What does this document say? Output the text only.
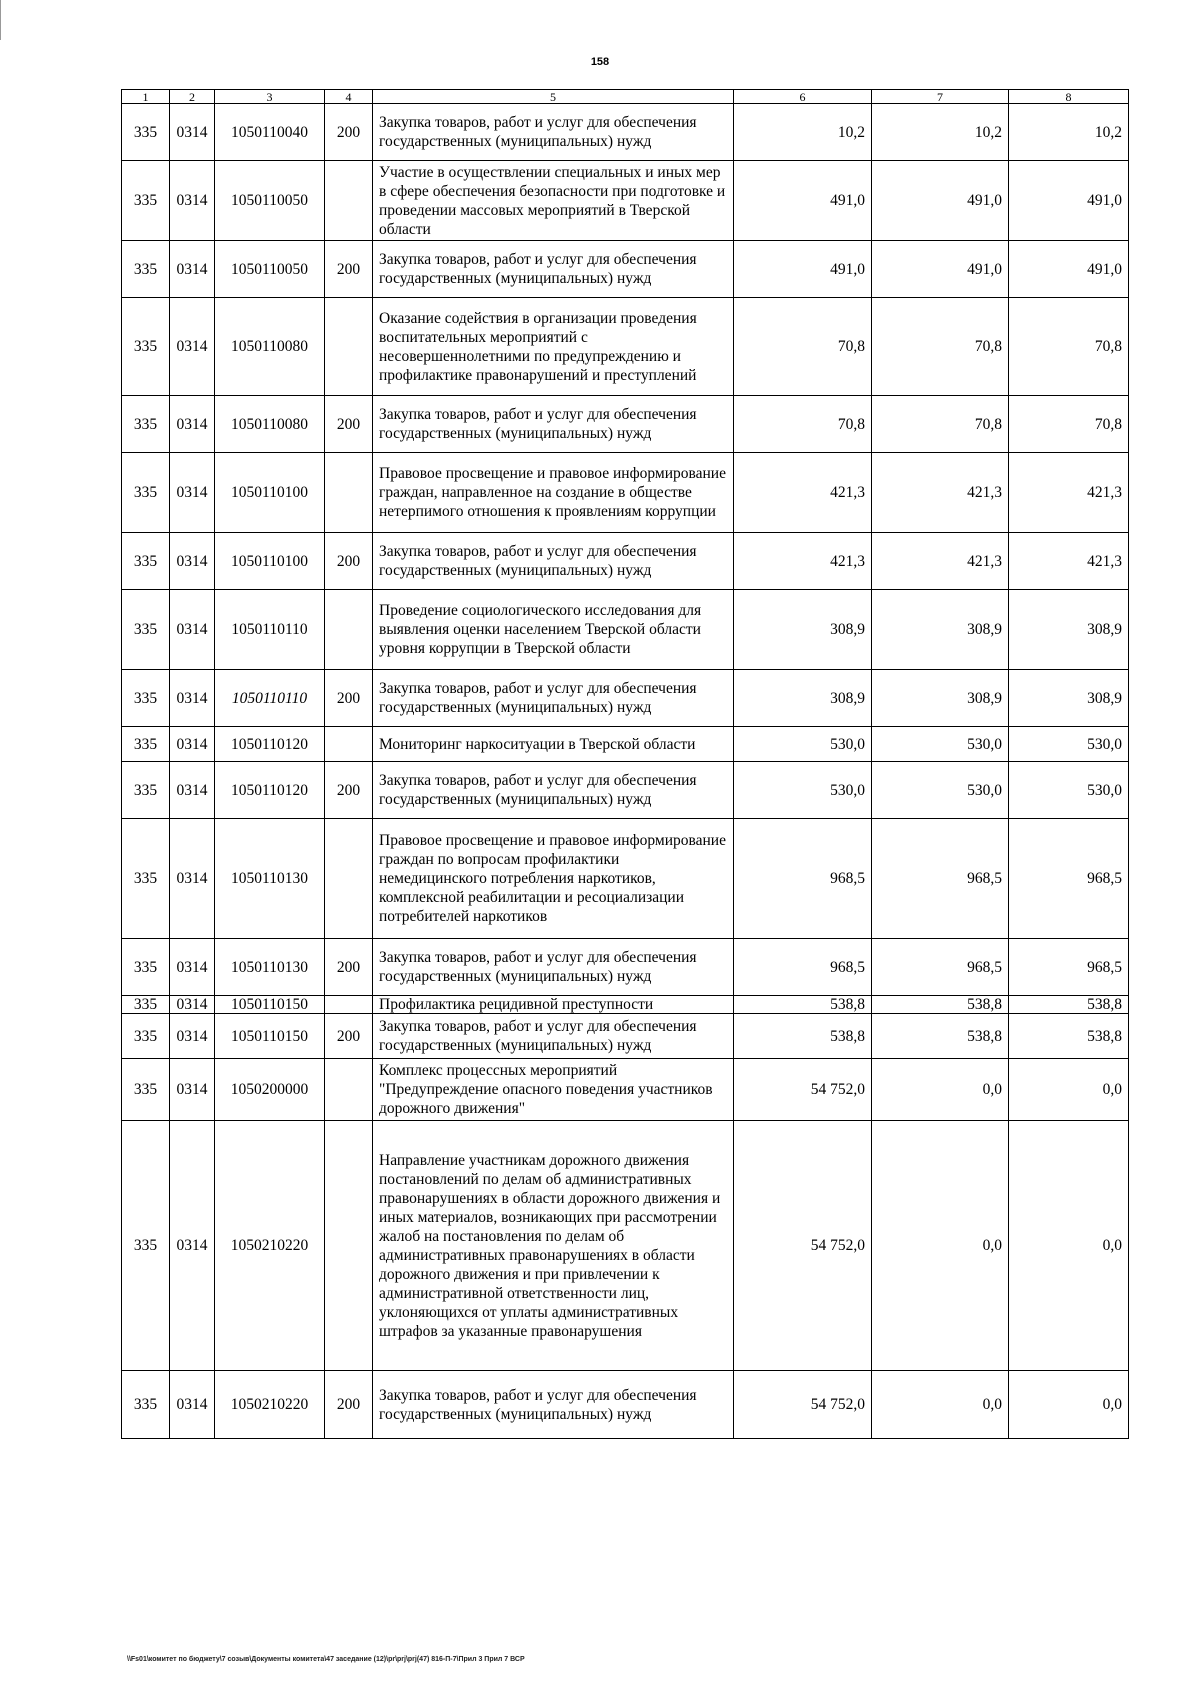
158
1	2	3	4	5	6	7	8
335	0314	1050110040	200	Закупка товаров, работ и услуг для обеспечения государственных (муниципальных) нужд	10,2	10,2	10,2
335	0314	1050110050		Участие в осуществлении специальных и иных мер в сфере обеспечения безопасности при подготовке и проведении массовых мероприятий в Тверской области	491,0	491,0	491,0
335	0314	1050110050	200	Закупка товаров, работ и услуг для обеспечения государственных (муниципальных) нужд	491,0	491,0	491,0
335	0314	1050110080		Оказание содействия в организации проведения воспитательных мероприятий с несовершеннолетними по предупреждению и профилактике правонарушений и преступлений	70,8	70,8	70,8
335	0314	1050110080	200	Закупка товаров, работ и услуг для обеспечения государственных (муниципальных) нужд	70,8	70,8	70,8
335	0314	1050110100		Правовое просвещение и правовое информирование граждан, направленное на создание в обществе нетерпимого отношения к проявлениям коррупции	421,3	421,3	421,3
335	0314	1050110100	200	Закупка товаров, работ и услуг для обеспечения государственных (муниципальных) нужд	421,3	421,3	421,3
335	0314	1050110110		Проведение социологического исследования для выявления оценки населением Тверской области уровня коррупции в Тверской области	308,9	308,9	308,9
335	0314	1050110110	200	Закупка товаров, работ и услуг для обеспечения государственных (муниципальных) нужд	308,9	308,9	308,9
335	0314	1050110120		Мониторинг наркоситуации в Тверской области	530,0	530,0	530,0
335	0314	1050110120	200	Закупка товаров, работ и услуг для обеспечения государственных (муниципальных) нужд	530,0	530,0	530,0
335	0314	1050110130		Правовое просвещение и правовое информирование граждан по вопросам профилактики немедицинского потребления наркотиков, комплексной реабилитации и ресоциализации потребителей наркотиков	968,5	968,5	968,5
335	0314	1050110130	200	Закупка товаров, работ и услуг для обеспечения государственных (муниципальных) нужд	968,5	968,5	968,5
335	0314	1050110150		Профилактика рецидивной преступности	538,8	538,8	538,8
335	0314	1050110150	200	Закупка товаров, работ и услуг для обеспечения государственных (муниципальных) нужд	538,8	538,8	538,8
335	0314	1050200000		Комплекс процессных мероприятий "Предупреждение опасного поведения участников дорожного движения"	54 752,0	0,0	0,0
335	0314	1050210220		Направление участникам дорожного движения постановлений по делам об административных правонарушениях в области дорожного движения и иных материалов, возникающих при рассмотрении жалоб на постановления по делам об административных правонарушениях в области дорожного движения и при привлечении к административной ответственности лиц, уклоняющихся от уплаты административных штрафов за указанные правонарушения	54 752,0	0,0	0,0
335	0314	1050210220	200	Закупка товаров, работ и услуг для обеспечения государственных (муниципальных) нужд	54 752,0	0,0	0,0
\\Fs01\комитет по бюджету\7 созыв\Документы комитета\47 заседание (12)\pr\prj\prj(47) 816-П-7\Прил 3 Прил 7 ВСР
